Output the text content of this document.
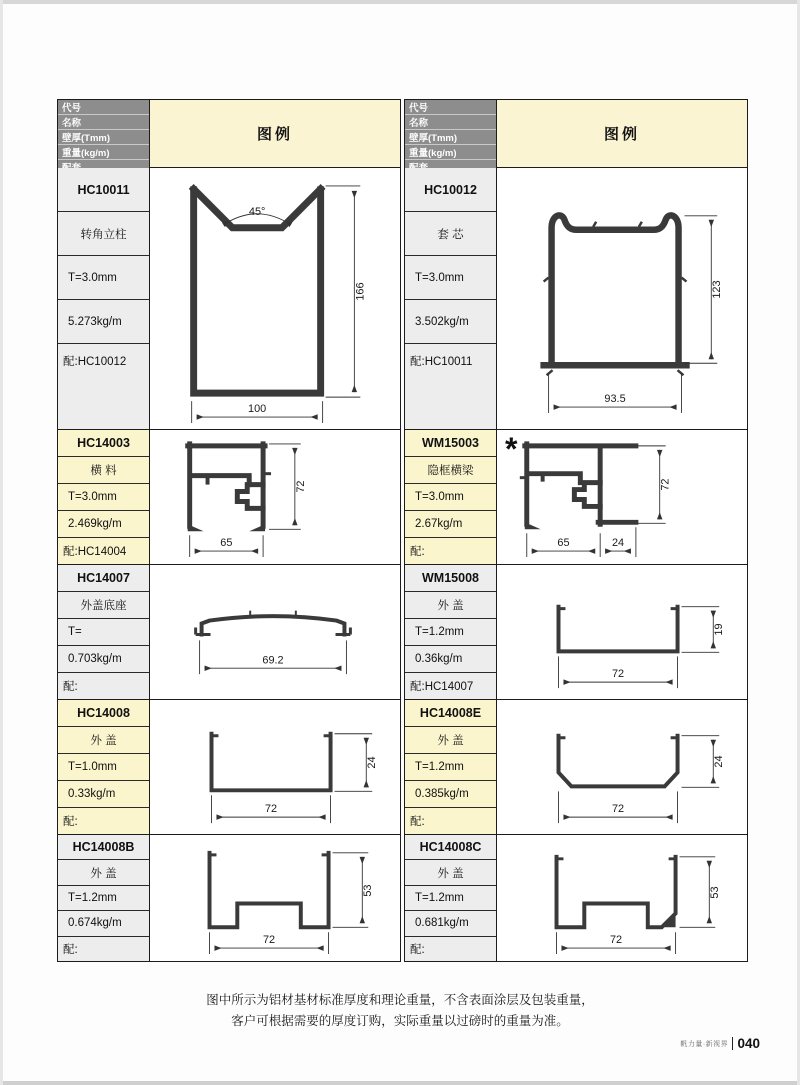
代号
名称
壁厚(Tmm)
重量(kg/m)
图例
HC10011
转角立柱
T=3.0mm
5.273kg/m
配:HC10012
45°
166
100
HC14003
横 料
T=3.0mm
2.469kg/m
配:HC14004
65
72
HC14007
外盖底座
T=
0.703kg/m
配:
69.2
HC14008
外 盖
T=1.0mm
0.33kg/m
配:
72
24
HC14008B
外 盖
T=1.2mm
0.674kg/m
配:
72
53
代号
名称
壁厚(Tmm)
重量(kg/m)
图例
HC10012
套 芯
T=3.0mm
3.502kg/m
配:HC10011
123
93.5
WM15003
隐框横梁
T=3.0mm
2.67kg/m
配:
*
65	24
72
WM15008
外 盖
T=1.2mm
0.36kg/m
配:HC14007
72
19
HC14008E
外 盖
T=1.2mm
0.385kg/m
配:
72
24
HC14008C
外 盖
T=1.2mm
0.681kg/m
配:
72
53
图中所示为铝材基材标准厚度和理论重量，不含表面涂层及包装重量，
客户可根据需要的厚度订购，实际重量以过磅时的重量为准。
帆力量·新视界 040
